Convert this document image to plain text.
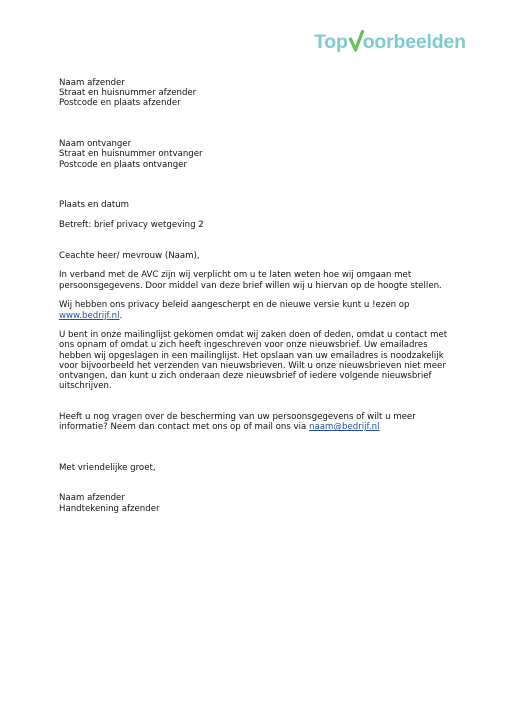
Top oorbeelden
Naam afzender
Straat en huisnummer afzender
Postcode en plaats afzender
Naam ontvanger
Straat en huisnummer ontvanger
Postcode en plaats ontvanger
Plaats en datum
Betreft: brief privacy wetgeving 2
Ceachte heer/ mevrouw (Naam),
In verband met de AVC zijn wij verplicht om u te laten weten hoe wij omgaan met
persoonsgegevens. Door middel van deze brief willen wij u hiervan op de hoogte stellen.
Wij hebben ons privacy beleid aangescherpt en de nieuwe versie kunt u !ezen op
www.bedrijf.nl.
U bent in onze mailinglijst gekomen omdat wij zaken doen of deden, omdat u contact met
ons opnam of omdat u zich heeft ingeschreven voor onze nieuwsbrief. Uw emailadres
hebben wij opgeslagen in een mailinglijst. Het opslaan van uw emailadres is noodzakelijk
voor bijvoorbeeld het verzenden van nieuwsbrieven. Wilt u onze nieuwsbrieven niet meer
ontvangen, dan kunt u zich onderaan deze nieuwsbrief of iedere volgende nieuwsbrief
uitschrijven.
Heeft u nog vragen over de bescherming van uw persoonsgegevens of wilt u meer
informatie? Neem dan contact met ons op of mail ons via naam@bedrijf.nl
Met vriendelijke groet,
Naam afzender
Handtekening afzender
